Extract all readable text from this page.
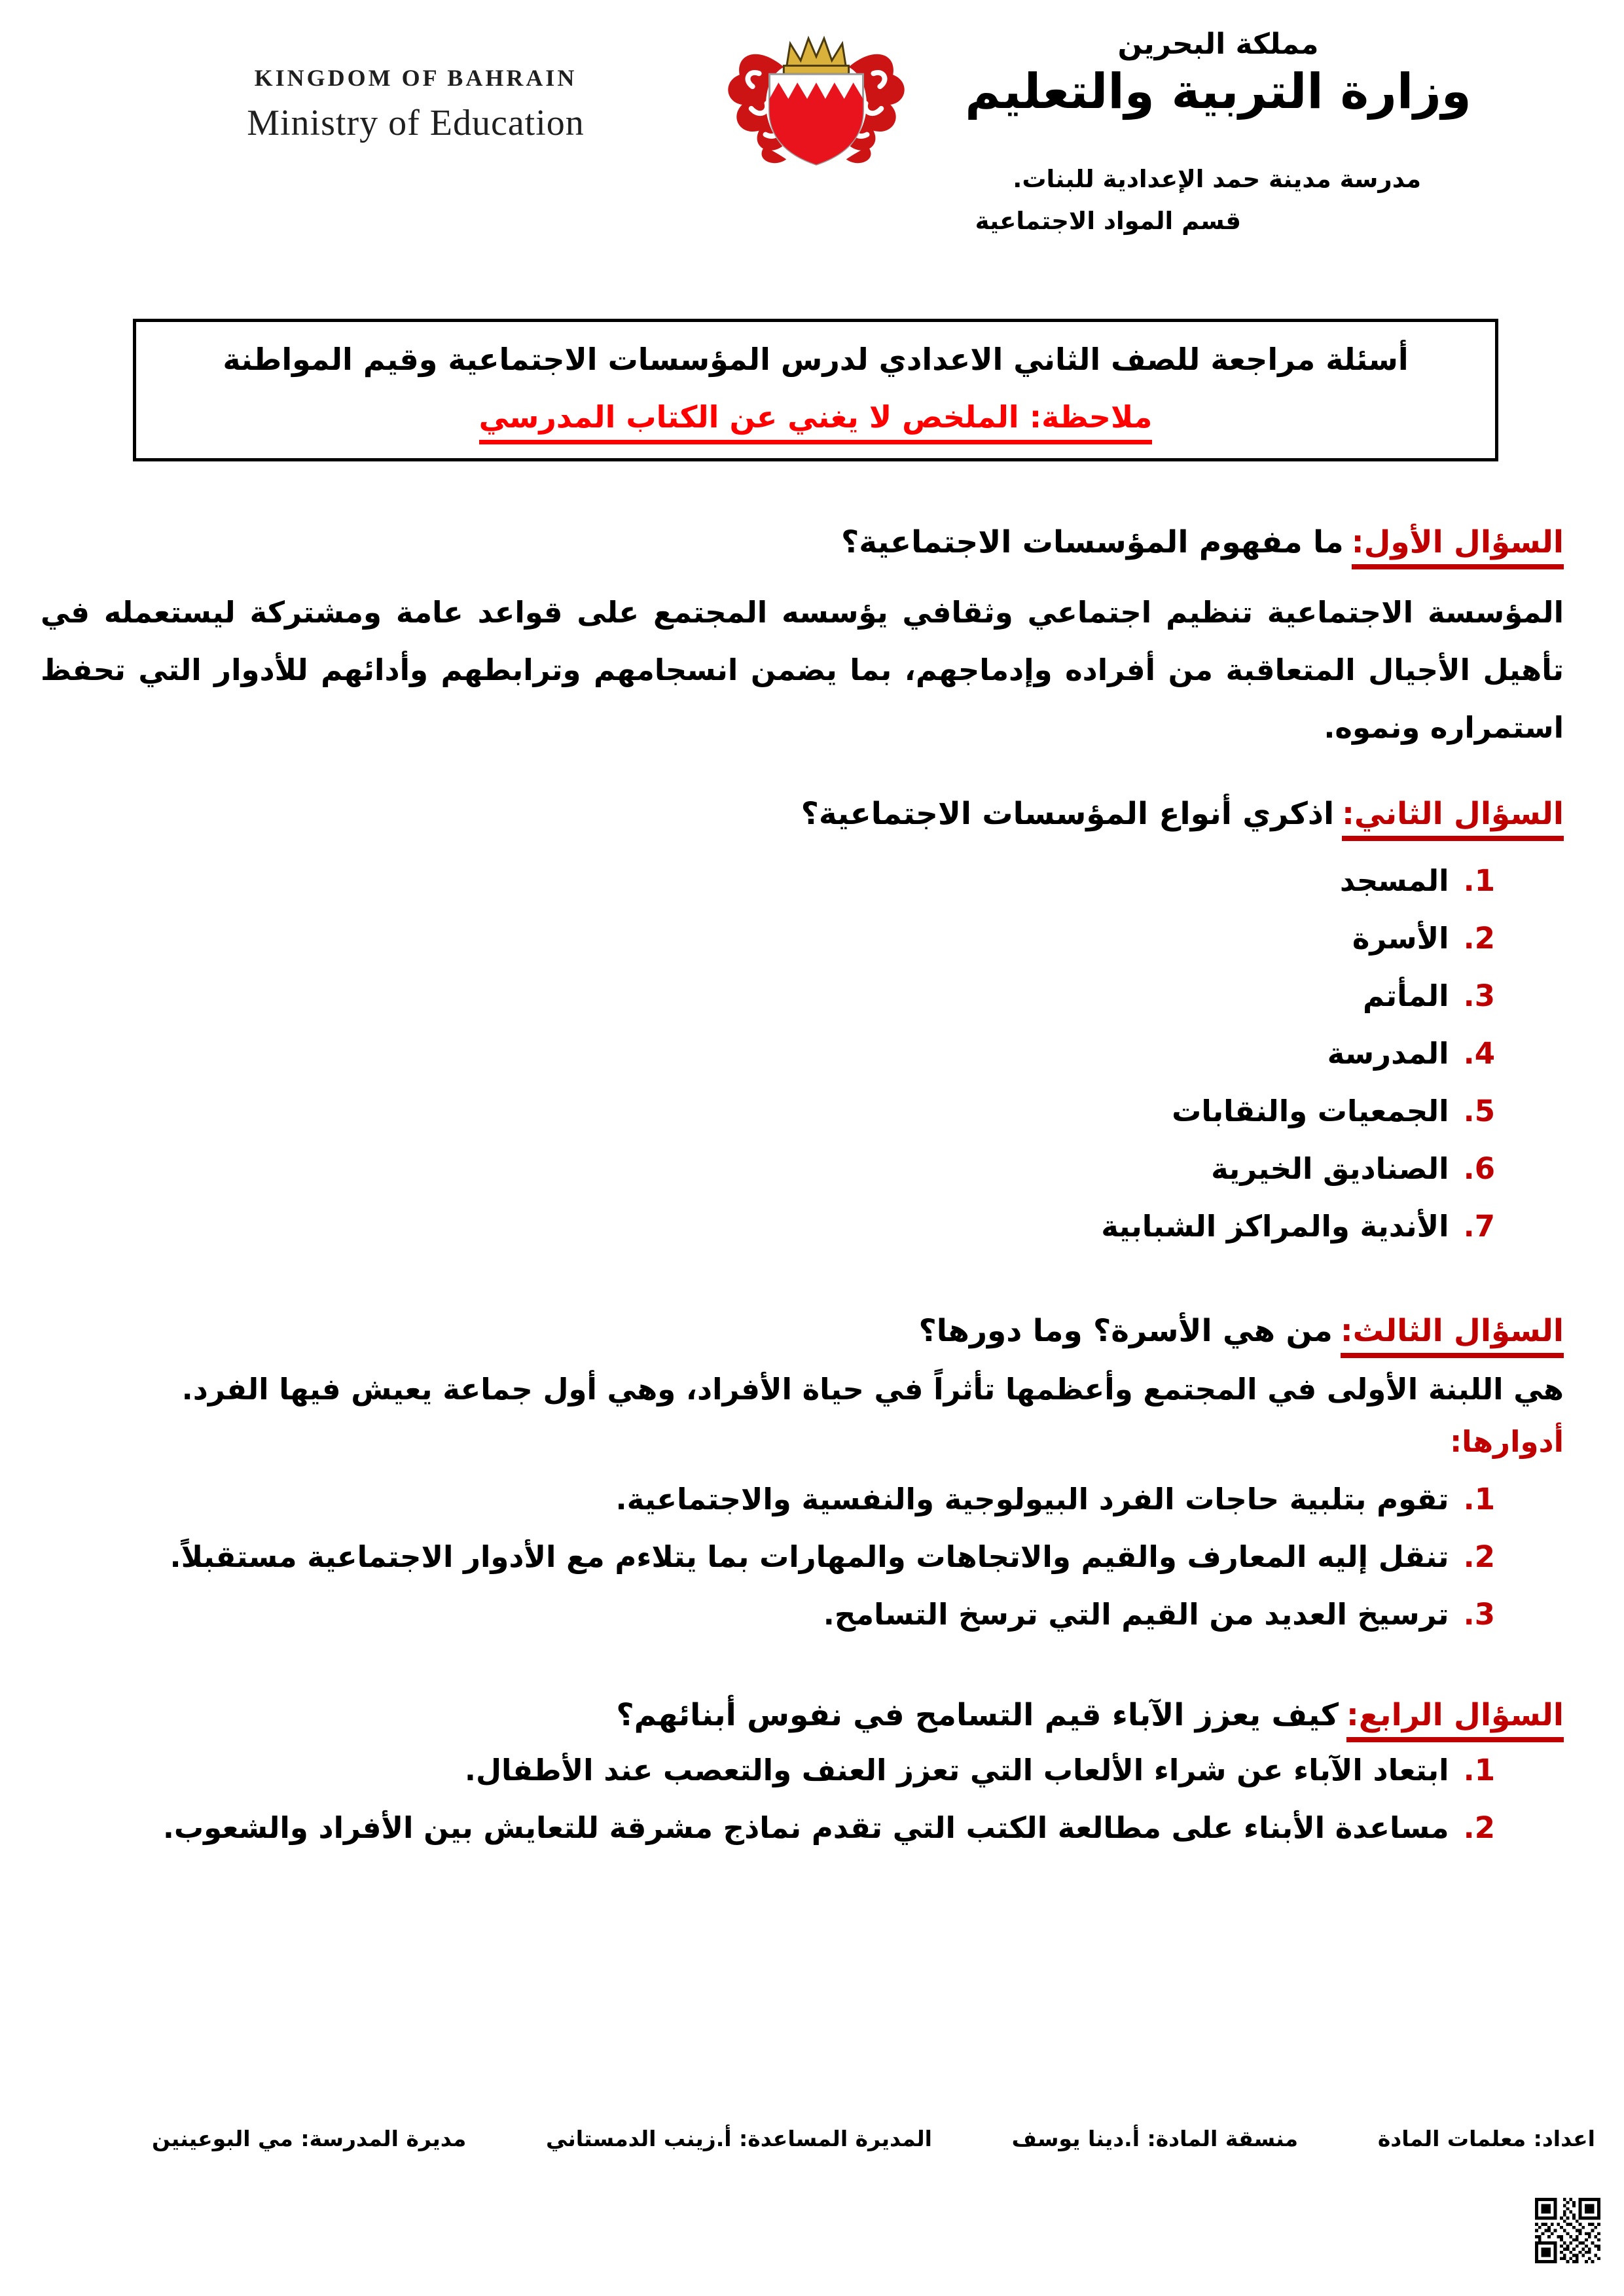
KINGDOM OF BAHRAIN
Ministry of Education
مملكة البحرين
وزارة التربية والتعليم
مدرسة مدينة حمد الإعدادية للبنات.
قسم المواد الاجتماعية
أسئلة مراجعة للصف الثاني الاعدادي لدرس المؤسسات الاجتماعية وقيم المواطنة
ملاحظة: الملخص لا يغني عن الكتاب المدرسي
السؤال الأول:ما مفهوم المؤسسات الاجتماعية؟
المؤسسة الاجتماعية تنظيم اجتماعي وثقافي يؤسسه المجتمع على قواعد عامة ومشتركة ليستعمله في تأهيل الأجيال المتعاقبة من أفراده وإدماجهم، بما يضمن انسجامهم وترابطهم وأدائهم للأدوار التي تحفظ استمراره ونموه.
السؤال الثاني:اذكري أنواع المؤسسات الاجتماعية؟
1.المسجد
2.الأسرة
3.المأتم
4.المدرسة
5.الجمعيات والنقابات
6.الصناديق الخيرية
7.الأندية والمراكز الشبابية
السؤال الثالث:من هي الأسرة؟ وما دورها؟
هي اللبنة الأولى في المجتمع وأعظمها تأثراً في حياة الأفراد، وهي أول جماعة يعيش فيها الفرد.
أدوارها:
1.تقوم بتلبية حاجات الفرد البيولوجية والنفسية والاجتماعية.
2.تنقل إليه المعارف والقيم والاتجاهات والمهارات بما يتلاءم مع الأدوار الاجتماعية مستقبلاً.
3.ترسيخ العديد من القيم التي ترسخ التسامح.
السؤال الرابع:كيف يعزز الآباء قيم التسامح في نفوس أبنائهم؟
1.ابتعاد الآباء عن شراء الألعاب التي تعزز العنف والتعصب عند الأطفال.
2.مساعدة الأبناء على مطالعة الكتب التي تقدم نماذج مشرقة للتعايش بين الأفراد والشعوب.
اعداد: معلمات المادة
منسقة المادة: أ.دينا يوسف
المديرة المساعدة: أ.زينب الدمستاني
مديرة المدرسة: مي البوعينين
